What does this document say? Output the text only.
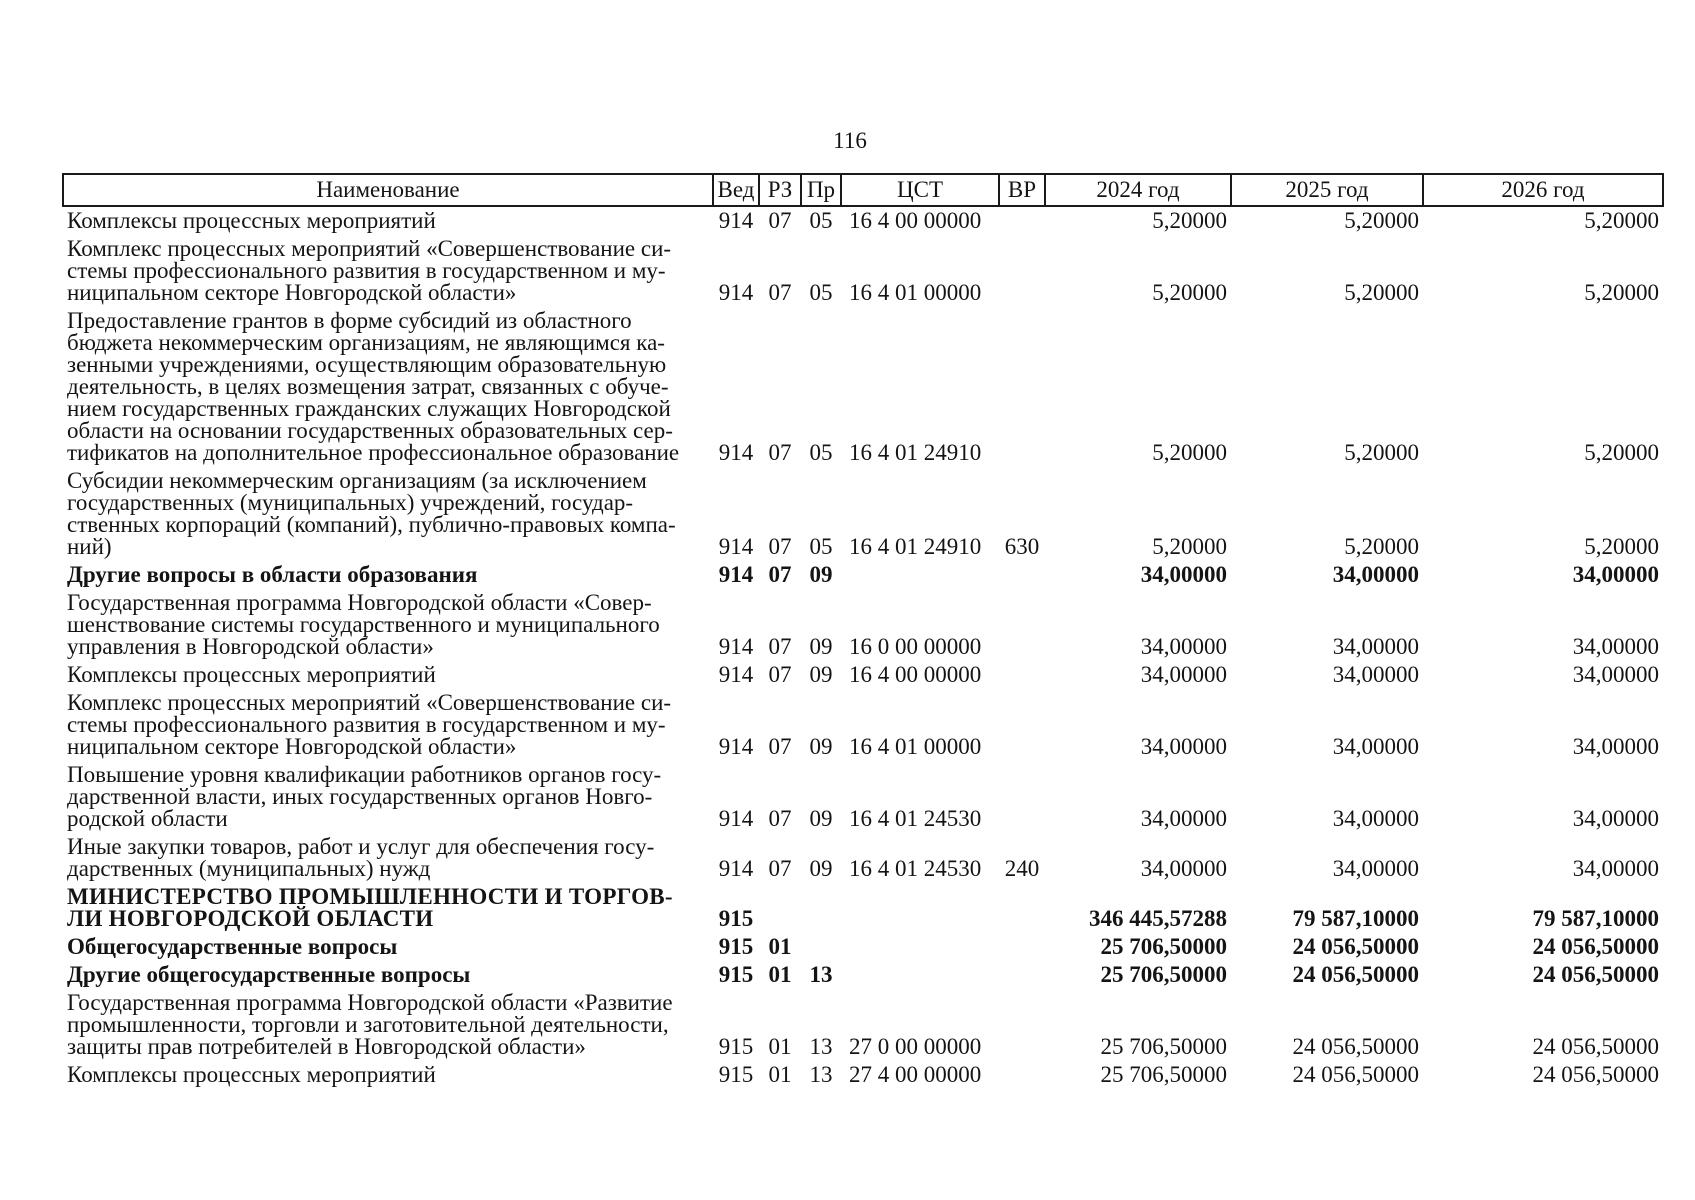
116
Наименование	Вед	РЗ	Пр	ЦСТ	ВР	2024 год	2025 год	2026 год
Комплексы процессных мероприятий	914	07	05	16 4 00 00000		5,20000	5,20000	5,20000
Комплекс процессных мероприятий «Совершенствование си-стемы профессионального развития в государственном и му-ниципальном секторе Новгородской области»	914	07	05	16 4 01 00000		5,20000	5,20000	5,20000
Предоставление грантов в форме субсидий из областного бюджета некоммерческим организациям, не являющимся ка-зенными учреждениями, осуществляющим образовательную деятельность, в целях возмещения затрат, связанных с обуче-нием государственных гражданских служащих Новгородской области на основании государственных образовательных сер-тификатов на дополнительное профессиональное образование	914	07	05	16 4 01 24910		5,20000	5,20000	5,20000
Субсидии некоммерческим организациям (за исключением государственных (муниципальных) учреждений, государ-ственных корпораций (компаний), публично-правовых компа-ний)	914	07	05	16 4 01 24910	630	5,20000	5,20000	5,20000
Другие вопросы в области образования	914	07	09			34,00000	34,00000	34,00000
Государственная программа Новгородской области «Совер-шенствование системы государственного и муниципального управления в Новгородской области»	914	07	09	16 0 00 00000		34,00000	34,00000	34,00000
Комплексы процессных мероприятий	914	07	09	16 4 00 00000		34,00000	34,00000	34,00000
Комплекс процессных мероприятий «Совершенствование си-стемы профессионального развития в государственном и му-ниципальном секторе Новгородской области»	914	07	09	16 4 01 00000		34,00000	34,00000	34,00000
Повышение уровня квалификации работников органов госу-дарственной власти, иных государственных органов Новго-родской области	914	07	09	16 4 01 24530		34,00000	34,00000	34,00000
Иные закупки товаров, работ и услуг для обеспечения госу-дарственных (муниципальных) нужд	914	07	09	16 4 01 24530	240	34,00000	34,00000	34,00000
МИНИСТЕРСТВО ПРОМЫШЛЕННОСТИ И ТОРГОВ-ЛИ НОВГОРОДСКОЙ ОБЛАСТИ	915					346 445,57288	79 587,10000	79 587,10000
Общегосударственные вопросы	915	01				25 706,50000	24 056,50000	24 056,50000
Другие общегосударственные вопросы	915	01	13			25 706,50000	24 056,50000	24 056,50000
Государственная программа Новгородской области «Развитие промышленности, торговли и заготовительной деятельности, защиты прав потребителей в Новгородской области»	915	01	13	27 0 00 00000		25 706,50000	24 056,50000	24 056,50000
Комплексы процессных мероприятий	915	01	13	27 4 00 00000		25 706,50000	24 056,50000	24 056,50000
